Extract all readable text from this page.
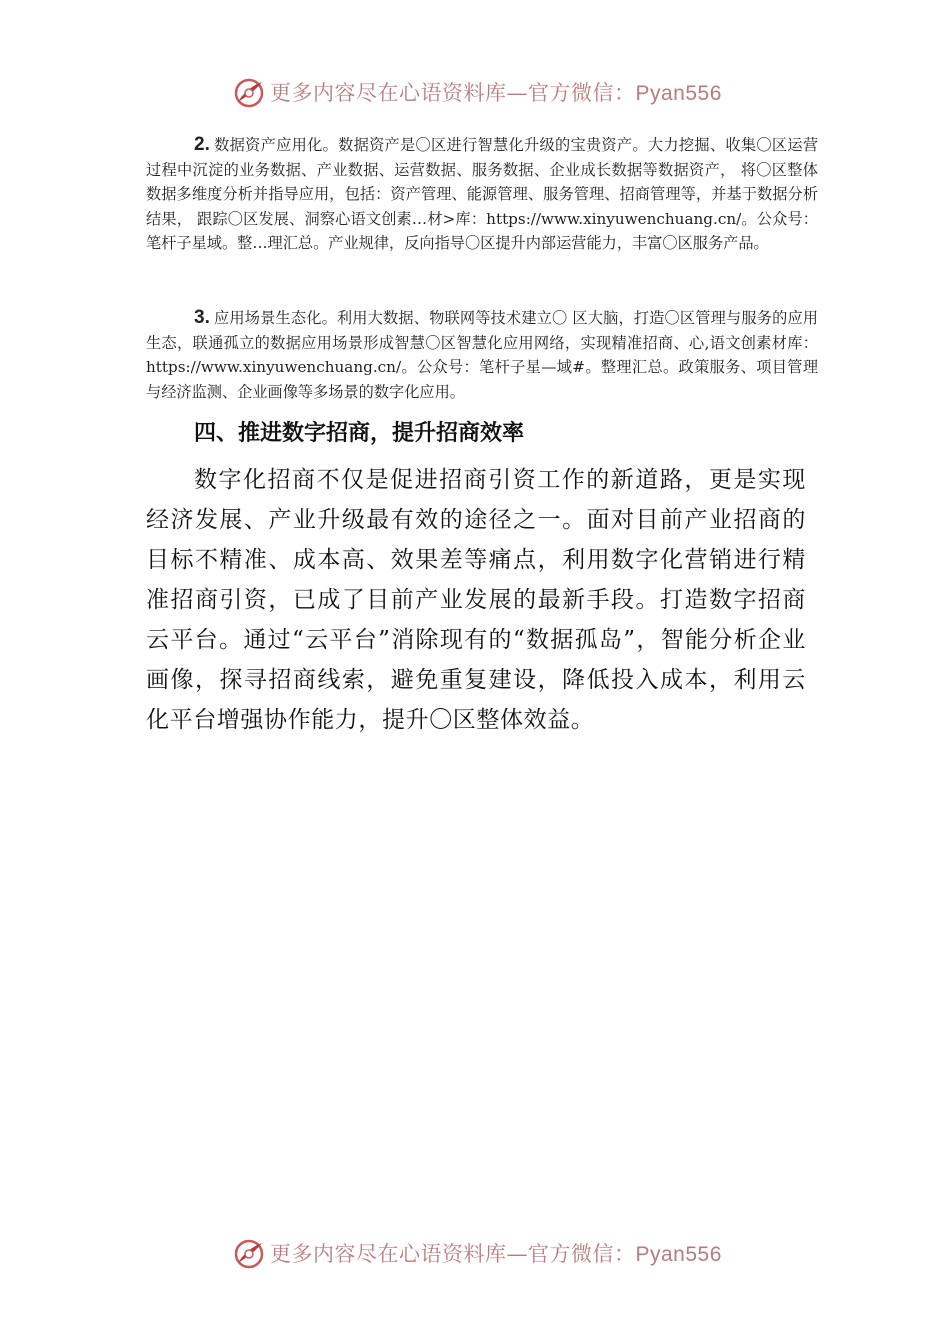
更多内容尽在心语资料库—官方微信：Pyan556
2. 数据资产应用化。数据资产是〇区进行智慧化升级的宝贵资产。大力挖掘、收集〇区运营过程中沉淀的业务数据、产业数据、运营数据、服务数据、企业成长数据等数据资产， 将〇区整体数据多维度分析并指导应用，包括：资产管理、能源管理、服务管理、招商管理等，并基于数据分析结果， 跟踪〇区发展、洞察心语文创素…材>库：https://www.xinyuwenchuang.cn/。公众号：笔杆子星域。整…理汇总。产业规律，反向指导〇区提升内部运营能力，丰富〇区服务产品。
3. 应用场景生态化。利用大数据、物联网等技术建立〇 区大脑，打造〇区管理与服务的应用生态，联通孤立的数据应用场景形成智慧〇区智慧化应用网络，实现精准招商、心,语文创素材库：https://www.xinyuwenchuang.cn/。公众号：笔杆子星—域#。整理汇总。政策服务、项目管理与经济监测、企业画像等多场景的数字化应用。
四、推进数字招商，提升招商效率
数字化招商不仅是促进招商引资工作的新道路，更是实现经济发展、产业升级最有效的途径之一。面对目前产业招商的目标不精准、成本高、效果差等痛点，利用数字化营销进行精准招商引资，已成了目前产业发展的最新手段。打造数字招商云平台。通过“云平台”消除现有的“数据孤岛”，智能分析企业画像，探寻招商线索，避免重复建设，降低投入成本，利用云化平台增强协作能力，提升〇区整体效益。
更多内容尽在心语资料库—官方微信：Pyan556
